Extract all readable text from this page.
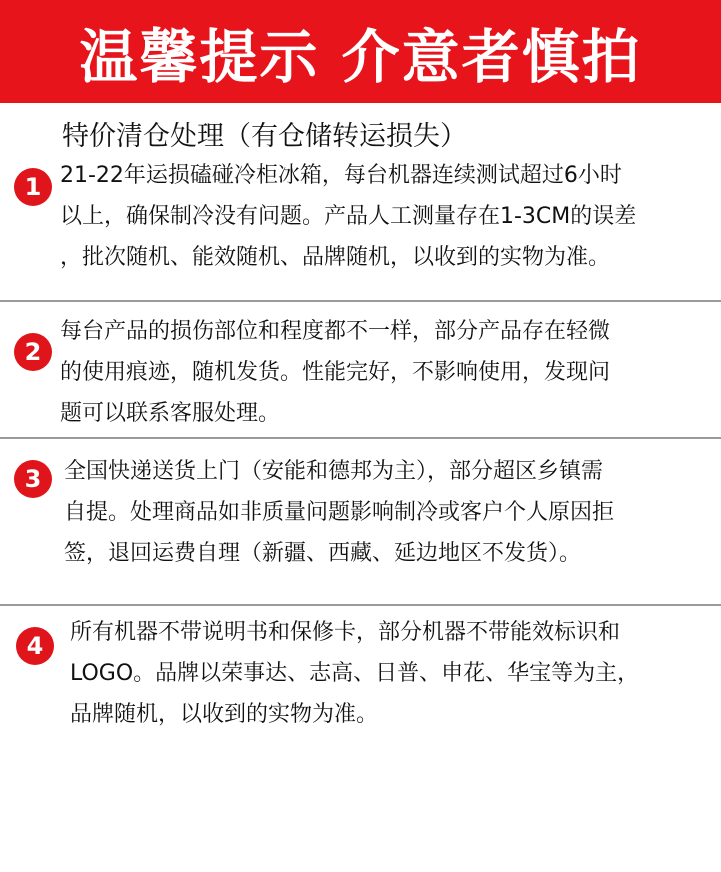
温馨提示 介意者慎拍
特价清仓处理（有仓储转运损失）
1 21-22年运损磕碰冷柜冰箱，每台机器连续测试超过6小时
以上，确保制冷没有问题。产品人工测量存在1-3CM的误差
，批次随机、能效随机、品牌随机，以收到的实物为准。
2
每台产品的损伤部位和程度都不一样，部分产品存在轻微
的使用痕迹，随机发货。性能完好，不影响使用，发现问
题可以联系客服处理。
3	全国快递送货上门（安能和德邦为主），部分超区乡镇需
自提。处理商品如非质量问题影响制冷或客户个人原因拒
签，退回运费自理（新疆、西藏、延边地区不发货）。
4	所有机器不带说明书和保修卡，部分机器不带能效标识和
LOGO。品牌以荣事达、志高、日普、申花、华宝等为主，
品牌随机，以收到的实物为准。
